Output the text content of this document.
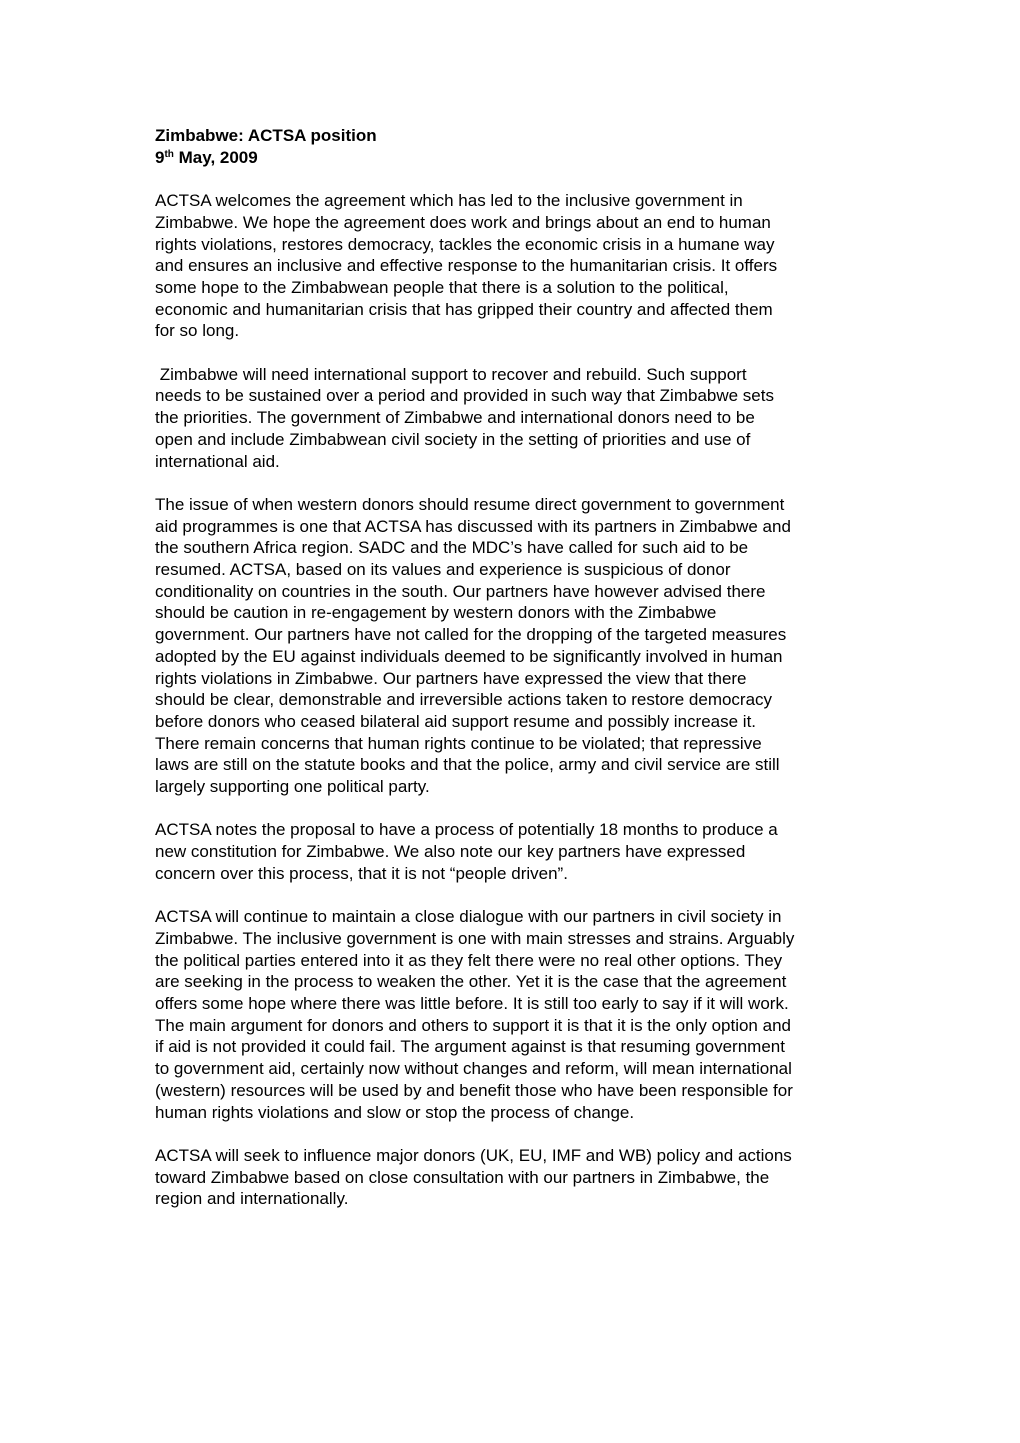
Zimbabwe: ACTSA position
9th May, 2009
ACTSA welcomes the agreement which has led to the inclusive government in
Zimbabwe. We hope the agreement does work and brings about an end to human
rights violations, restores democracy, tackles the economic crisis in a humane way
and ensures an inclusive and effective response to the humanitarian crisis. It offers
some hope to the Zimbabwean people that there is a solution to the political,
economic and humanitarian crisis that has gripped their country and affected them
for so long.
Zimbabwe will need international support to recover and rebuild. Such support
needs to be sustained over a period and provided in such way that Zimbabwe sets
the priorities. The government of Zimbabwe and international donors need to be
open and include Zimbabwean civil society in the setting of priorities and use of
international aid.
The issue of when western donors should resume direct government to government
aid programmes is one that ACTSA has discussed with its partners in Zimbabwe and
the southern Africa region. SADC and the MDC’s have called for such aid to be
resumed. ACTSA, based on its values and experience is suspicious of donor
conditionality on countries in the south. Our partners have however advised there
should be caution in re-engagement by western donors with the Zimbabwe
government. Our partners have not called for the dropping of the targeted measures
adopted by the EU against individuals deemed to be significantly involved in human
rights violations in Zimbabwe. Our partners have expressed the view that there
should be clear, demonstrable and irreversible actions taken to restore democracy
before donors who ceased bilateral aid support resume and possibly increase it.
There remain concerns that human rights continue to be violated; that repressive
laws are still on the statute books and that the police, army and civil service are still
largely supporting one political party.
ACTSA notes the proposal to have a process of potentially 18 months to produce a
new constitution for Zimbabwe. We also note our key partners have expressed
concern over this process, that it is not “people driven”.
ACTSA will continue to maintain a close dialogue with our partners in civil society in
Zimbabwe. The inclusive government is one with main stresses and strains. Arguably
the political parties entered into it as they felt there were no real other options. They
are seeking in the process to weaken the other. Yet it is the case that the agreement
offers some hope where there was little before. It is still too early to say if it will work.
The main argument for donors and others to support it is that it is the only option and
if aid is not provided it could fail. The argument against is that resuming government
to government aid, certainly now without changes and reform, will mean international
(western) resources will be used by and benefit those who have been responsible for
human rights violations and slow or stop the process of change.
ACTSA will seek to influence major donors (UK, EU, IMF and WB) policy and actions
toward Zimbabwe based on close consultation with our partners in Zimbabwe, the
region and internationally.
